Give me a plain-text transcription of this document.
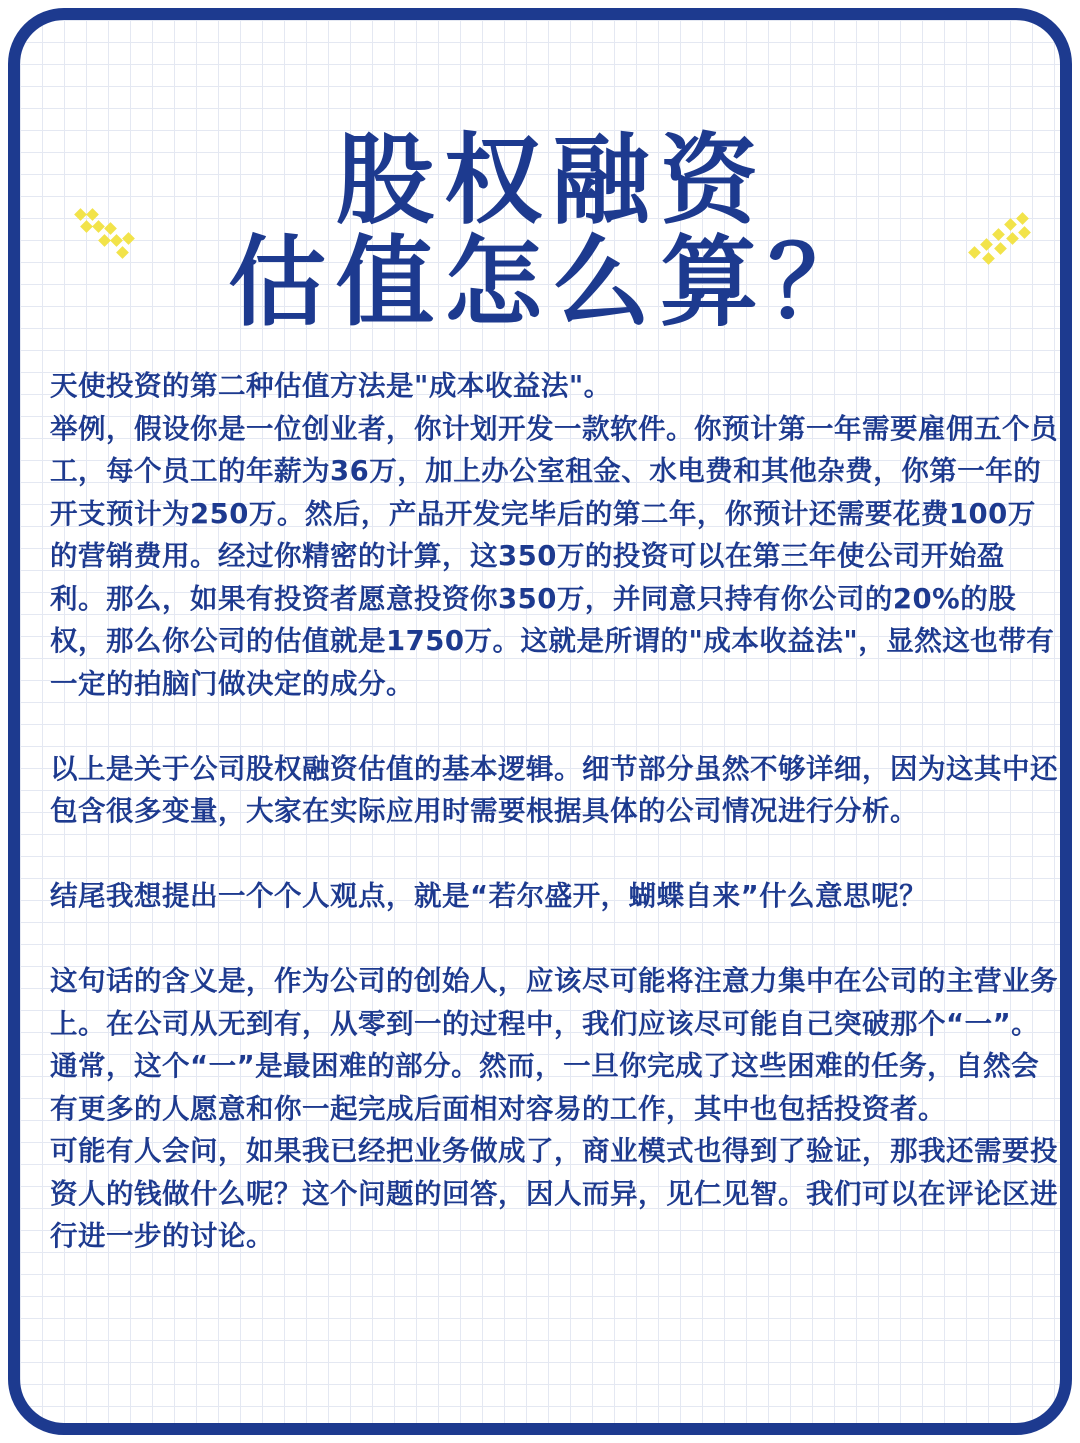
股权融资
估值怎么算？

天使投资的第二种估值方法是"成本收益法"。

举例，假设你是一位创业者，你计划开发一款软件。你预计第一年需要雇佣五个员工，每个员工的年薪为36万，加上办公室租金、水电费和其他杂费，你第一年的开支预计为250万。然后，产品开发完毕后的第二年，你预计还需要花费100万的营销费用。经过你精密的计算，这350万的投资可以在第三年使公司开始盈利。那么，如果有投资者愿意投资你350万，并同意只持有你公司的20%的股权，那么你公司的估值就是1750万。这就是所谓的"成本收益法"，显然这也带有一定的拍脑门做决定的成分。

以上是关于公司股权融资估值的基本逻辑。细节部分虽然不够详细，因为这其中还包含很多变量，大家在实际应用时需要根据具体的公司情况进行分析。

结尾我想提出一个个人观点，就是“若尔盛开，蝴蝶自来”什么意思呢？

这句话的含义是，作为公司的创始人，应该尽可能将注意力集中在公司的主营业务上。在公司从无到有，从零到一的过程中，我们应该尽可能自己突破那个“一”。通常，这个“一”是最困难的部分。然而，一旦你完成了这些困难的任务，自然会有更多的人愿意和你一起完成后面相对容易的工作，其中也包括投资者。

可能有人会问，如果我已经把业务做成了，商业模式也得到了验证，那我还需要投资人的钱做什么呢？这个问题的回答，因人而异，见仁见智。我们可以在评论区进行进一步的讨论。
